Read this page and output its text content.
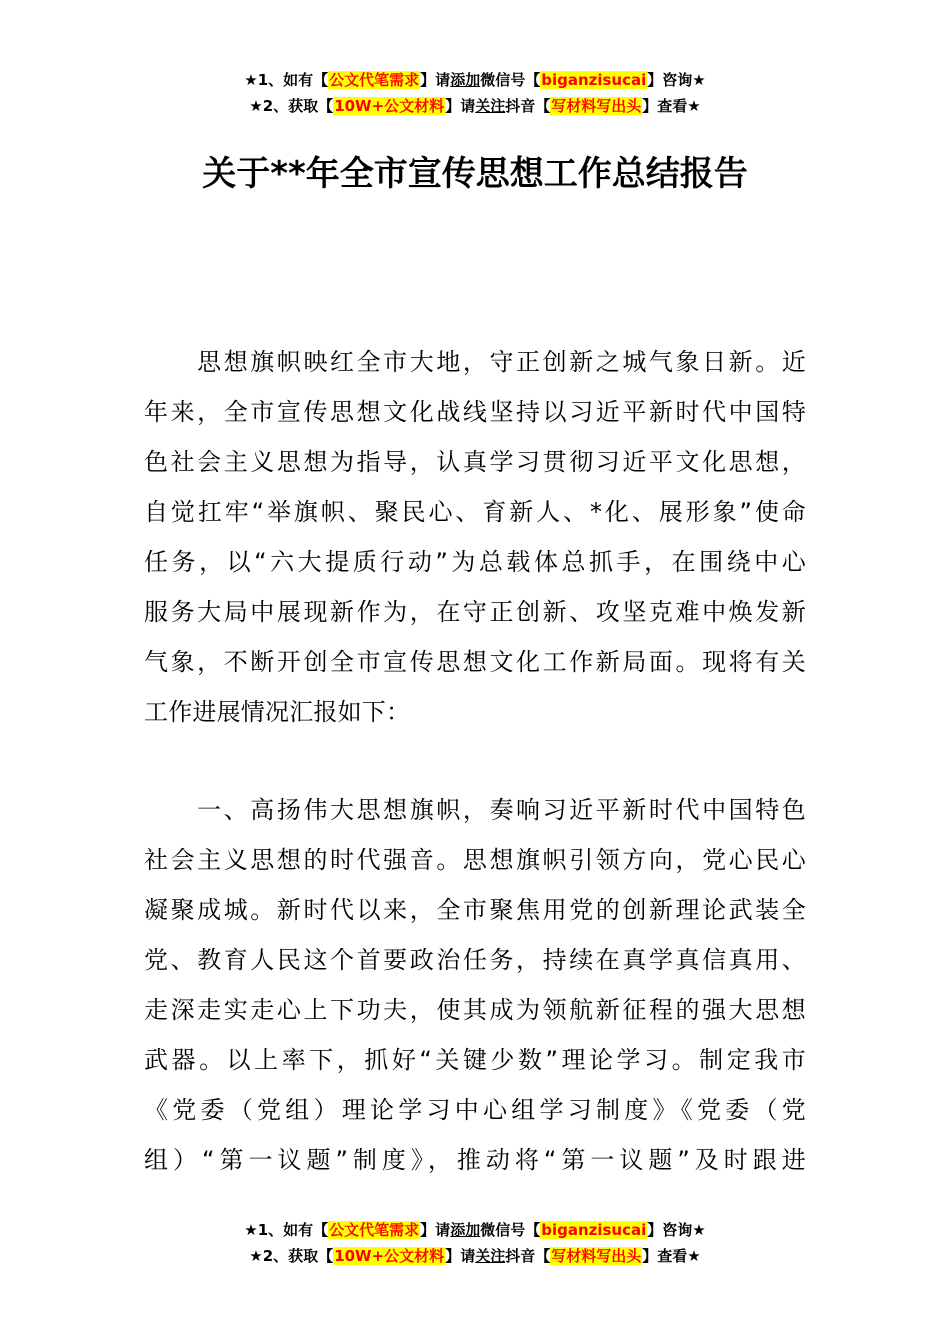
★1、如有【公文代笔需求】请添加微信号【biganzisucai】咨询★
★2、获取【10W+公文材料】请关注抖音【写材料写出头】查看★
关于**年全市宣传思想工作总结报告
　　思想旗帜映红全市大地，守正创新之城气象日新。近
年来，全市宣传思想文化战线坚持以习近平新时代中国特
色社会主义思想为指导，认真学习贯彻习近平文化思想，
自觉扛牢“举旗帜、聚民心、育新人、*化、展形象”使命
任务，以“六大提质行动”为总载体总抓手，在围绕中心
服务大局中展现新作为，在守正创新、攻坚克难中焕发新
气象，不断开创全市宣传思想文化工作新局面。现将有关
工作进展情况汇报如下：
　　一、高扬伟大思想旗帜，奏响习近平新时代中国特色
社会主义思想的时代强音。思想旗帜引领方向，党心民心
凝聚成城。新时代以来，全市聚焦用党的创新理论武装全
党、教育人民这个首要政治任务，持续在真学真信真用、
走深走实走心上下功夫，使其成为领航新征程的强大思想
武器。以上率下，抓好“关键少数”理论学习。制定我市
《党委（党组）理论学习中心组学习制度》《党委（党
组）“第一议题”制度》，推动将“第一议题”及时跟进
★1、如有【公文代笔需求】请添加微信号【biganzisucai】咨询★
★2、获取【10W+公文材料】请关注抖音【写材料写出头】查看★
